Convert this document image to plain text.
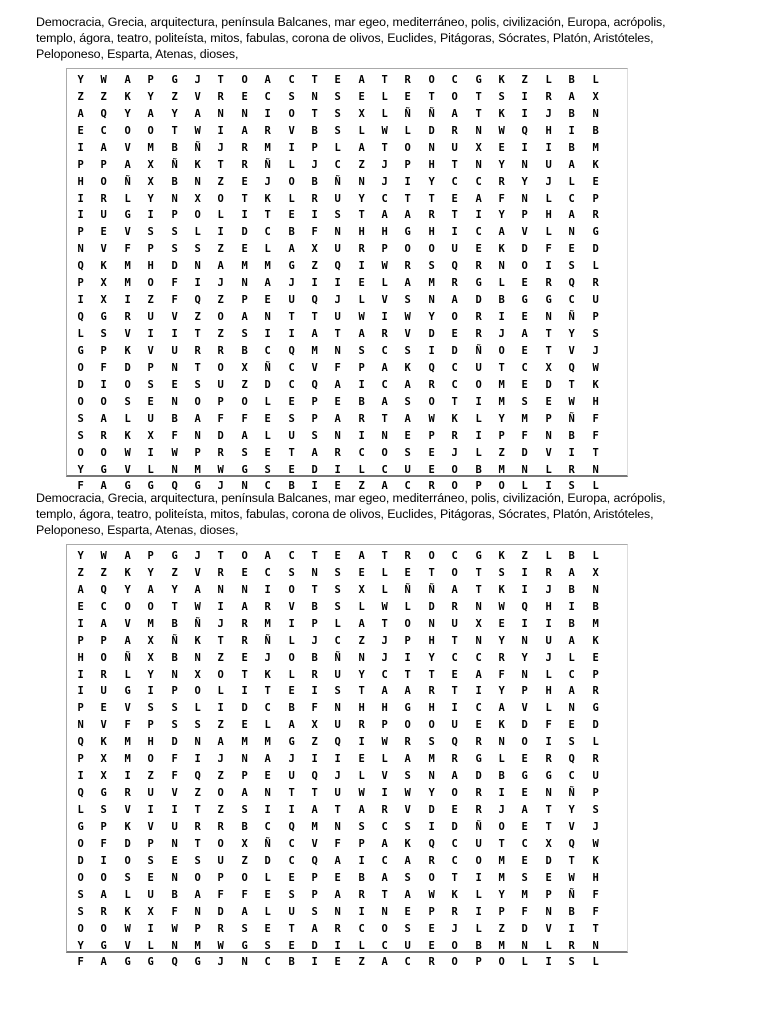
Democracia, Grecia, arquitectura, península Balcanes, mar egeo, mediterráneo, polis, civilización, Europa, acrópolis,
templo, ágora, teatro, politeísta, mitos, fabulas, corona de olivos, Euclides, Pitágoras, Sócrates, Platón, Aristóteles,
Peloponeso, Esparta, Atenas, dioses,
Y	W	A	P	G	J	T	O	A	C	T	E	A	T	R	O	C	G	K	Z	L	B	L
Z	Z	K	Y	Z	V	R	E	C	S	N	S	E	L	E	T	O	T	S	I	R	A	X
A	Q	Y	A	Y	A	N	N	I	O	T	S	X	L	Ñ	Ñ	A	T	K	I	J	B	N
E	C	O	O	T	W	I	A	R	V	B	S	L	W	L	D	R	N	W	Q	H	I	B
I	A	V	M	B	Ñ	J	R	M	I	P	L	A	T	O	N	U	X	E	I	I	B	M
P	P	A	X	Ñ	K	T	R	Ñ	L	J	C	Z	J	P	H	T	N	Y	N	U	A	K
H	O	Ñ	X	B	N	Z	E	J	O	B	Ñ	N	J	I	Y	C	C	R	Y	J	L	E
I	R	L	Y	N	X	O	T	K	L	R	U	Y	C	T	T	E	A	F	N	L	C	P
I	U	G	I	P	O	L	I	T	E	I	S	T	A	A	R	T	I	Y	P	H	A	R
P	E	V	S	S	L	I	D	C	B	F	N	H	H	G	H	I	C	A	V	L	N	G
N	V	F	P	S	S	Z	E	L	A	X	U	R	P	O	O	U	E	K	D	F	E	D
Q	K	M	H	D	N	A	M	M	G	Z	Q	I	W	R	S	Q	R	N	O	I	S	L
P	X	M	O	F	I	J	N	A	J	I	I	E	L	A	M	R	G	L	E	R	Q	R
I	X	I	Z	F	Q	Z	P	E	U	Q	J	L	V	S	N	A	D	B	G	G	C	U
Q	G	R	U	V	Z	O	A	N	T	T	U	W	I	W	Y	O	R	I	E	N	Ñ	P
L	S	V	I	I	T	Z	S	I	I	A	T	A	R	V	D	E	R	J	A	T	Y	S
G	P	K	V	U	R	R	B	C	Q	M	N	S	C	S	I	D	Ñ	O	E	T	V	J
O	F	D	P	N	T	O	X	Ñ	C	V	F	P	A	K	Q	C	U	T	C	X	Q	W
D	I	O	S	E	S	U	Z	D	C	Q	A	I	C	A	R	C	O	M	E	D	T	K
O	O	S	E	N	O	P	O	L	E	P	E	B	A	S	O	T	I	M	S	E	W	H
S	A	L	U	B	A	F	F	E	S	P	A	R	T	A	W	K	L	Y	M	P	Ñ	F
S	R	K	X	F	N	D	A	L	U	S	N	I	N	E	P	R	I	P	F	N	B	F
O	O	W	I	W	P	R	S	E	T	A	R	C	O	S	E	J	L	Z	D	V	I	T
Y	G	V	L	N	M	W	G	S	E	D	I	L	C	U	E	O	B	M	N	L	R	N
F	A	G	G	Q	G	J	N	C	B	I	E	Z	A	C	R	O	P	O	L	I	S	L
Democracia, Grecia, arquitectura, península Balcanes, mar egeo, mediterráneo, polis, civilización, Europa, acrópolis,
templo, ágora, teatro, politeísta, mitos, fabulas, corona de olivos, Euclides, Pitágoras, Sócrates, Platón, Aristóteles,
Peloponeso, Esparta, Atenas, dioses,
Y	W	A	P	G	J	T	O	A	C	T	E	A	T	R	O	C	G	K	Z	L	B	L
Z	Z	K	Y	Z	V	R	E	C	S	N	S	E	L	E	T	O	T	S	I	R	A	X
A	Q	Y	A	Y	A	N	N	I	O	T	S	X	L	Ñ	Ñ	A	T	K	I	J	B	N
E	C	O	O	T	W	I	A	R	V	B	S	L	W	L	D	R	N	W	Q	H	I	B
I	A	V	M	B	Ñ	J	R	M	I	P	L	A	T	O	N	U	X	E	I	I	B	M
P	P	A	X	Ñ	K	T	R	Ñ	L	J	C	Z	J	P	H	T	N	Y	N	U	A	K
H	O	Ñ	X	B	N	Z	E	J	O	B	Ñ	N	J	I	Y	C	C	R	Y	J	L	E
I	R	L	Y	N	X	O	T	K	L	R	U	Y	C	T	T	E	A	F	N	L	C	P
I	U	G	I	P	O	L	I	T	E	I	S	T	A	A	R	T	I	Y	P	H	A	R
P	E	V	S	S	L	I	D	C	B	F	N	H	H	G	H	I	C	A	V	L	N	G
N	V	F	P	S	S	Z	E	L	A	X	U	R	P	O	O	U	E	K	D	F	E	D
Q	K	M	H	D	N	A	M	M	G	Z	Q	I	W	R	S	Q	R	N	O	I	S	L
P	X	M	O	F	I	J	N	A	J	I	I	E	L	A	M	R	G	L	E	R	Q	R
I	X	I	Z	F	Q	Z	P	E	U	Q	J	L	V	S	N	A	D	B	G	G	C	U
Q	G	R	U	V	Z	O	A	N	T	T	U	W	I	W	Y	O	R	I	E	N	Ñ	P
L	S	V	I	I	T	Z	S	I	I	A	T	A	R	V	D	E	R	J	A	T	Y	S
G	P	K	V	U	R	R	B	C	Q	M	N	S	C	S	I	D	Ñ	O	E	T	V	J
O	F	D	P	N	T	O	X	Ñ	C	V	F	P	A	K	Q	C	U	T	C	X	Q	W
D	I	O	S	E	S	U	Z	D	C	Q	A	I	C	A	R	C	O	M	E	D	T	K
O	O	S	E	N	O	P	O	L	E	P	E	B	A	S	O	T	I	M	S	E	W	H
S	A	L	U	B	A	F	F	E	S	P	A	R	T	A	W	K	L	Y	M	P	Ñ	F
S	R	K	X	F	N	D	A	L	U	S	N	I	N	E	P	R	I	P	F	N	B	F
O	O	W	I	W	P	R	S	E	T	A	R	C	O	S	E	J	L	Z	D	V	I	T
Y	G	V	L	N	M	W	G	S	E	D	I	L	C	U	E	O	B	M	N	L	R	N
F	A	G	G	Q	G	J	N	C	B	I	E	Z	A	C	R	O	P	O	L	I	S	L
